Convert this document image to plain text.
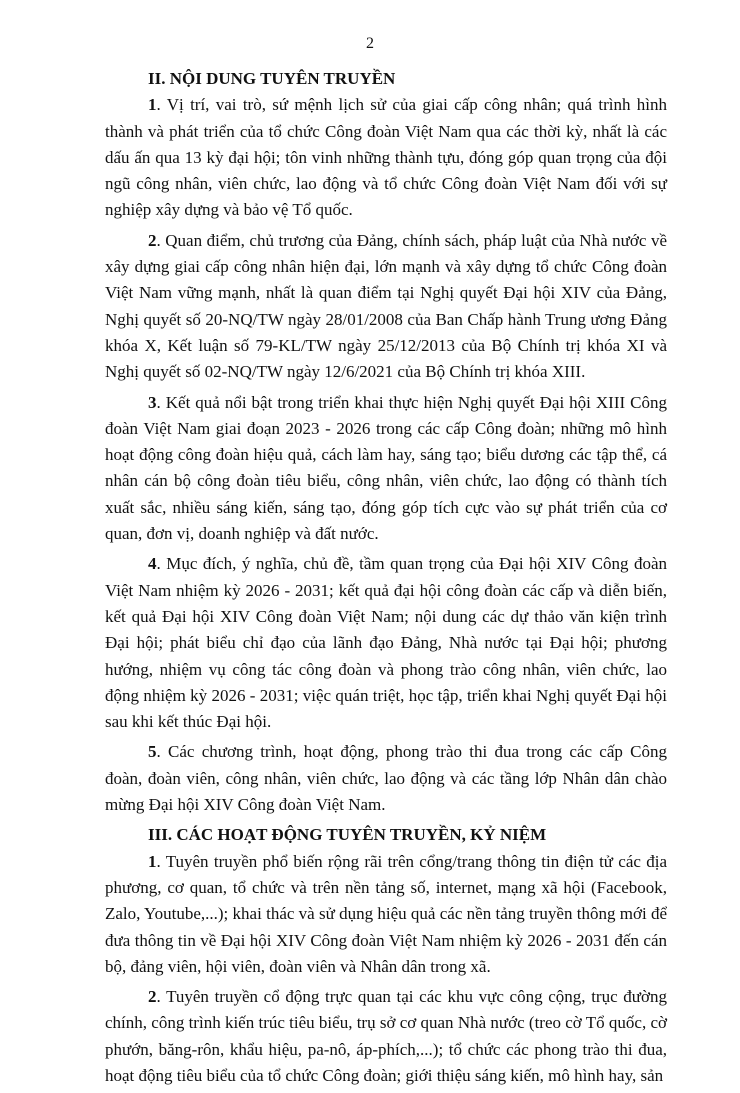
2
II. NỘI DUNG TUYÊN TRUYỀN

1. Vị trí, vai trò, sứ mệnh lịch sử của giai cấp công nhân; quá trình hình thành và phát triển của tổ chức Công đoàn Việt Nam qua các thời kỳ, nhất là các dấu ấn qua 13 kỳ đại hội; tôn vinh những thành tựu, đóng góp quan trọng của đội ngũ công nhân, viên chức, lao động và tổ chức Công đoàn Việt Nam đối với sự nghiệp xây dựng và bảo vệ Tổ quốc.

2. Quan điểm, chủ trương của Đảng, chính sách, pháp luật của Nhà nước về xây dựng giai cấp công nhân hiện đại, lớn mạnh và xây dựng tổ chức Công đoàn Việt Nam vững mạnh, nhất là quan điểm tại Nghị quyết Đại hội XIV của Đảng, Nghị quyết số 20-NQ/TW ngày 28/01/2008 của Ban Chấp hành Trung ương Đảng khóa X, Kết luận số 79-KL/TW ngày 25/12/2013 của Bộ Chính trị khóa XI và Nghị quyết số 02-NQ/TW ngày 12/6/2021 của Bộ Chính trị khóa XIII.

3. Kết quả nổi bật trong triển khai thực hiện Nghị quyết Đại hội XIII Công đoàn Việt Nam giai đoạn 2023 - 2026 trong các cấp Công đoàn; những mô hình hoạt động công đoàn hiệu quả, cách làm hay, sáng tạo; biểu dương các tập thể, cá nhân cán bộ công đoàn tiêu biểu, công nhân, viên chức, lao động có thành tích xuất sắc, nhiều sáng kiến, sáng tạo, đóng góp tích cực vào sự phát triển của cơ quan, đơn vị, doanh nghiệp và đất nước.

4. Mục đích, ý nghĩa, chủ đề, tầm quan trọng của Đại hội XIV Công đoàn Việt Nam nhiệm kỳ 2026 - 2031; kết quả đại hội công đoàn các cấp và diễn biến, kết quả Đại hội XIV Công đoàn Việt Nam; nội dung các dự thảo văn kiện trình Đại hội; phát biểu chỉ đạo của lãnh đạo Đảng, Nhà nước tại Đại hội; phương hướng, nhiệm vụ công tác công đoàn và phong trào công nhân, viên chức, lao động nhiệm kỳ 2026 - 2031; việc quán triệt, học tập, triển khai Nghị quyết Đại hội sau khi kết thúc Đại hội.

5. Các chương trình, hoạt động, phong trào thi đua trong các cấp Công đoàn, đoàn viên, công nhân, viên chức, lao động và các tầng lớp Nhân dân chào mừng Đại hội XIV Công đoàn Việt Nam.

III. CÁC HOẠT ĐỘNG TUYÊN TRUYỀN, KỶ NIỆM

1. Tuyên truyền phổ biến rộng rãi trên cổng/trang thông tin điện tử các địa phương, cơ quan, tổ chức và trên nền tảng số, internet, mạng xã hội (Facebook, Zalo, Youtube,...); khai thác và sử dụng hiệu quả các nền tảng truyền thông mới để đưa thông tin về Đại hội XIV Công đoàn Việt Nam nhiệm kỳ 2026 - 2031 đến cán bộ, đảng viên, hội viên, đoàn viên và Nhân dân trong xã.

2. Tuyên truyền cổ động trực quan tại các khu vực công cộng, trục đường chính, công trình kiến trúc tiêu biểu, trụ sở cơ quan Nhà nước (treo cờ Tổ quốc, cờ phướn, băng-rôn, khẩu hiệu, pa-nô, áp-phích,...); tổ chức các phong trào thi đua, hoạt động tiêu biểu của tổ chức Công đoàn; giới thiệu sáng kiến, mô hình hay, sản
